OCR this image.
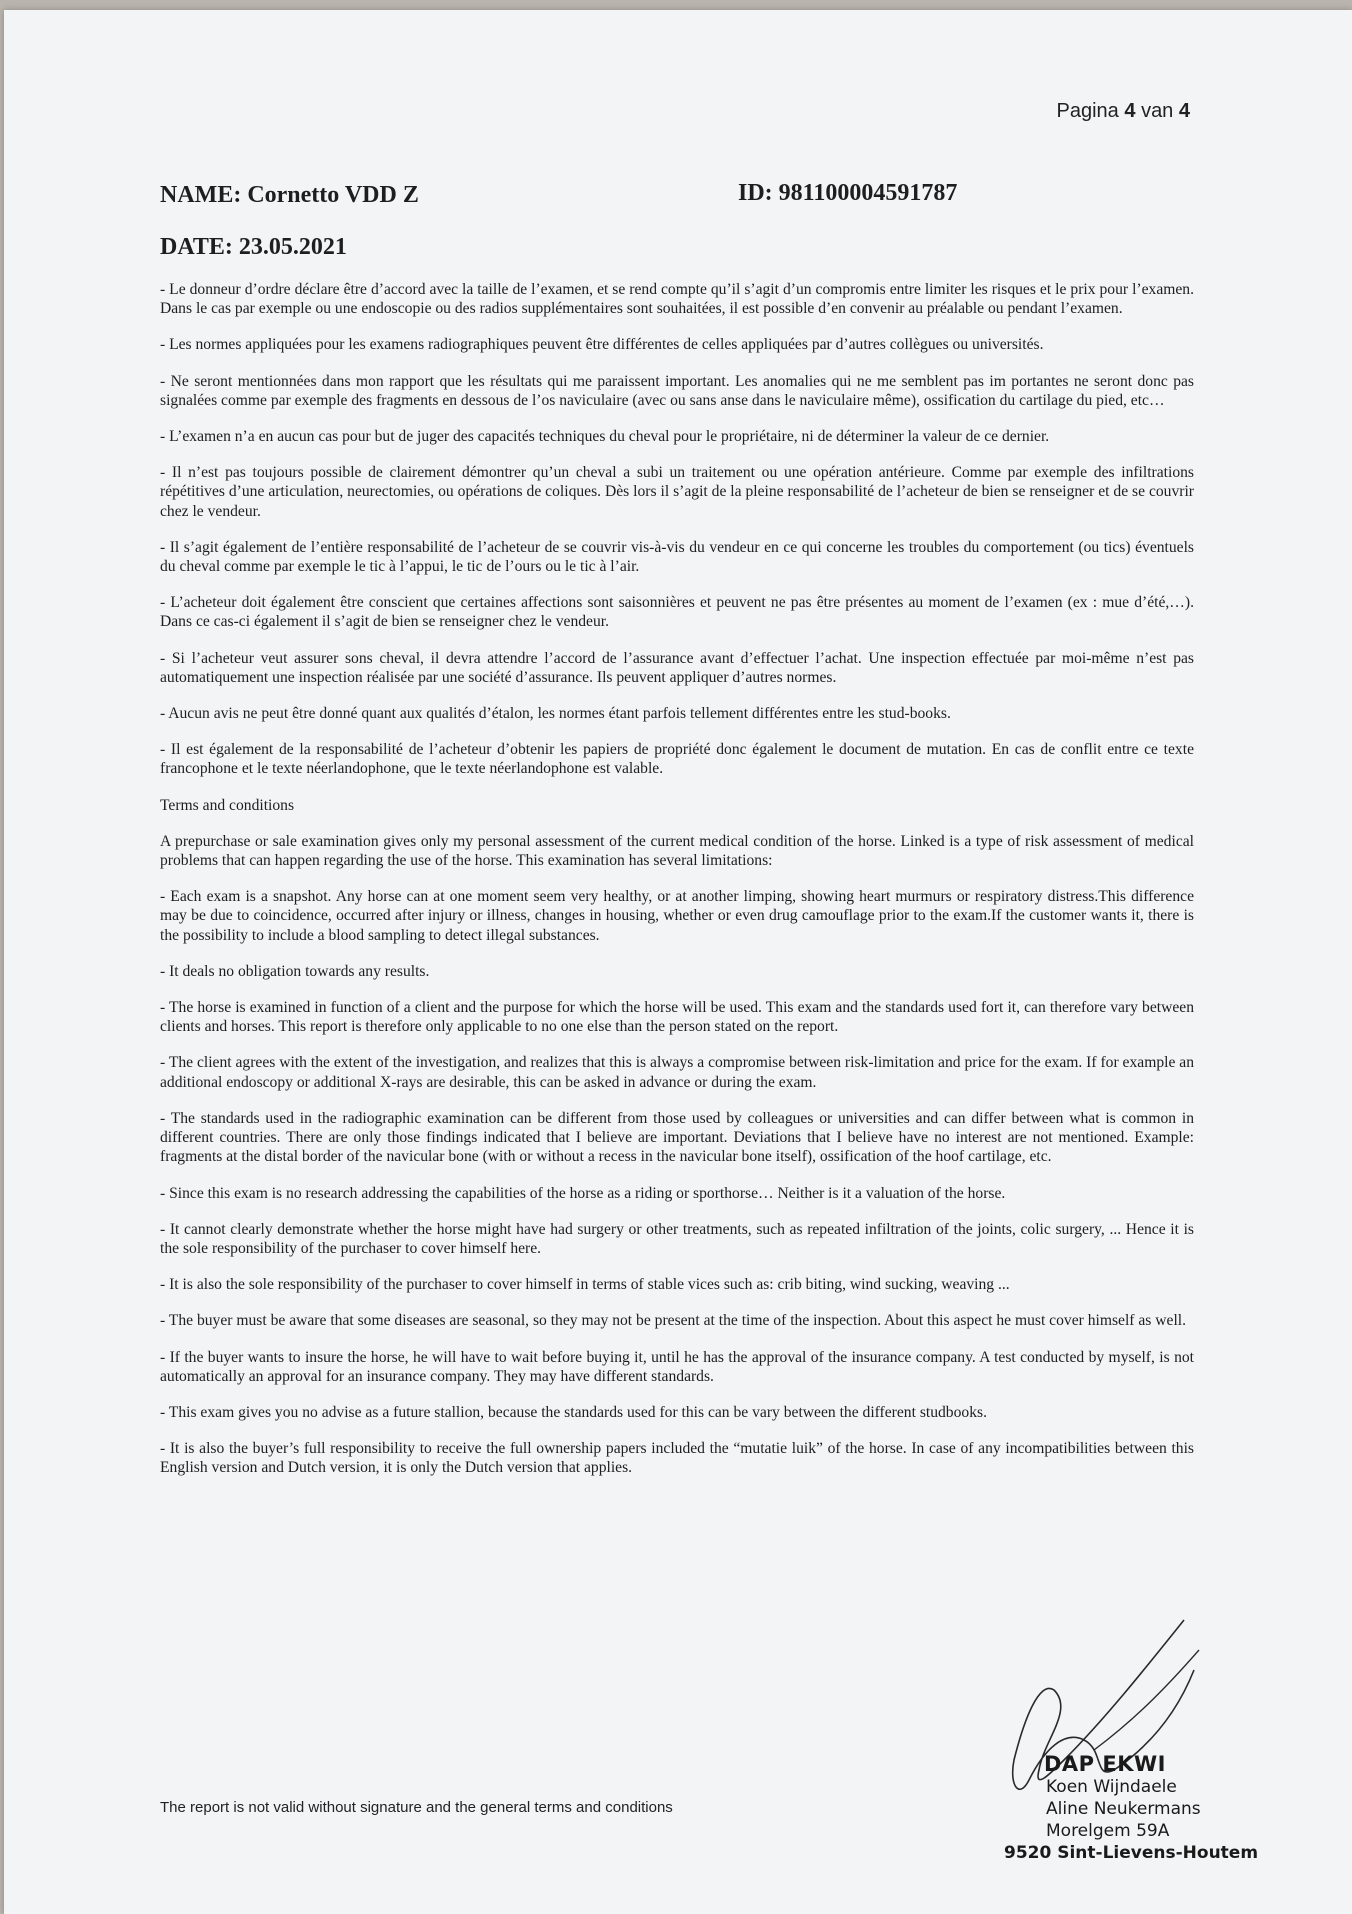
Pagina 4 van 4
NAME: Cornetto VDD Z	ID: 981100004591787
DATE: 23.05.2021

- Le donneur d’ordre déclare être d’accord avec la taille de l’examen, et se rend compte qu’il s’agit d’un compromis entre limiter les risques et le prix pour l’examen. Dans le cas par exemple ou une endoscopie ou des radios supplémentaires sont souhaitées, il est possible d’en convenir au préalable ou pendant l’examen.

- Les normes appliquées pour les examens radiographiques peuvent être différentes de celles appliquées par d’autres collègues ou universités.

- Ne seront mentionnées dans mon rapport que les résultats qui me paraissent important. Les anomalies qui ne me semblent pas im portantes ne seront donc pas signalées comme par exemple des fragments en dessous de l’os naviculaire (avec ou sans anse dans le naviculaire même), ossification du cartilage du pied, etc…

- L’examen n’a en aucun cas pour but de juger des capacités techniques du cheval pour le propriétaire, ni de déterminer la valeur de ce dernier.

- Il n’est pas toujours possible de clairement démontrer qu’un cheval a subi un traitement ou une opération antérieure. Comme par exemple des infiltrations répétitives d’une articulation, neurectomies, ou opérations de coliques. Dès lors il s’agit de la pleine responsabilité de l’acheteur de bien se renseigner et de se couvrir chez le vendeur.

- Il s’agit également de l’entière responsabilité de l’acheteur de se couvrir vis-à-vis du vendeur en ce qui concerne les troubles du comportement (ou tics) éventuels du cheval comme par exemple le tic à l’appui, le tic de l’ours ou le tic à l’air.

- L’acheteur doit également être conscient que certaines affections sont saisonnières et peuvent ne pas être présentes au moment de l’examen (ex : mue d’été,…). Dans ce cas-ci également il s’agit de bien se renseigner chez le vendeur.

- Si l’acheteur veut assurer sons cheval, il devra attendre l’accord de l’assurance avant d’effectuer l’achat. Une inspection effectuée par moi-même n’est pas automatiquement une inspection réalisée par une société d’assurance. Ils peuvent appliquer d’autres normes.

- Aucun avis ne peut être donné quant aux qualités d’étalon, les normes étant parfois tellement différentes entre les stud-books.

- Il est également de la responsabilité de l’acheteur d’obtenir les papiers de propriété donc également le document de mutation. En cas de conflit entre ce texte francophone et le texte néerlandophone, que le texte néerlandophone est valable.

Terms and conditions

A prepurchase or sale examination gives only my personal assessment of the current medical condition of the horse. Linked is a type of risk assessment of medical problems that can happen regarding the use of the horse. This examination has several limitations:

- Each exam is a snapshot. Any horse can at one moment seem very healthy, or at another limping, showing heart murmurs or respiratory distress.This difference may be due to coincidence, occurred after injury or illness, changes in housing, whether or even drug camouflage prior to the exam.If the customer wants it, there is the possibility to include a blood sampling to detect illegal substances.

- It deals no obligation towards any results.

- The horse is examined in function of a client and the purpose for which the horse will be used. This exam and the standards used fort it, can therefore vary between clients and horses. This report is therefore only applicable to no one else than the person stated on the report.

- The client agrees with the extent of the investigation, and realizes that this is always a compromise between risk-limitation and price for the exam. If for example an additional endoscopy or additional X-rays are desirable, this can be asked in advance or during the exam.

- The standards used in the radiographic examination can be different from those used by colleagues or universities and can differ between what is common in different countries. There are only those findings indicated that I believe are important. Deviations that I believe have no interest are not mentioned. Example: fragments at the distal border of the navicular bone (with or without a recess in the navicular bone itself), ossification of the hoof cartilage, etc.

- Since this exam is no research addressing the capabilities of the horse as a riding or sporthorse… Neither is it a valuation of the horse.

- It cannot clearly demonstrate whether the horse might have had surgery or other treatments, such as repeated infiltration of the joints, colic surgery, ... Hence it is the sole responsibility of the purchaser to cover himself here.

- It is also the sole responsibility of the purchaser to cover himself in terms of stable vices such as: crib biting, wind sucking, weaving ...

- The buyer must be aware that some diseases are seasonal, so they may not be present at the time of the inspection. About this aspect he must cover himself as well.

- If the buyer wants to insure the horse, he will have to wait before buying it, until he has the approval of the insurance company. A test conducted by myself, is not automatically an approval for an insurance company. They may have different standards.

- This exam gives you no advise as a future stallion, because the standards used for this can be vary between the different studbooks.

- It is also the buyer’s full responsibility to receive the full ownership papers included the “mutatie luik” of the horse. In case of any incompatibilities between this English version and Dutch version, it is only the Dutch version that applies.

The report is not valid without signature and the general terms and conditions
DAP EKWI
Koen Wijndaele
Aline Neukermans
Morelgem 59A
9520 Sint-Lievens-Houtem
